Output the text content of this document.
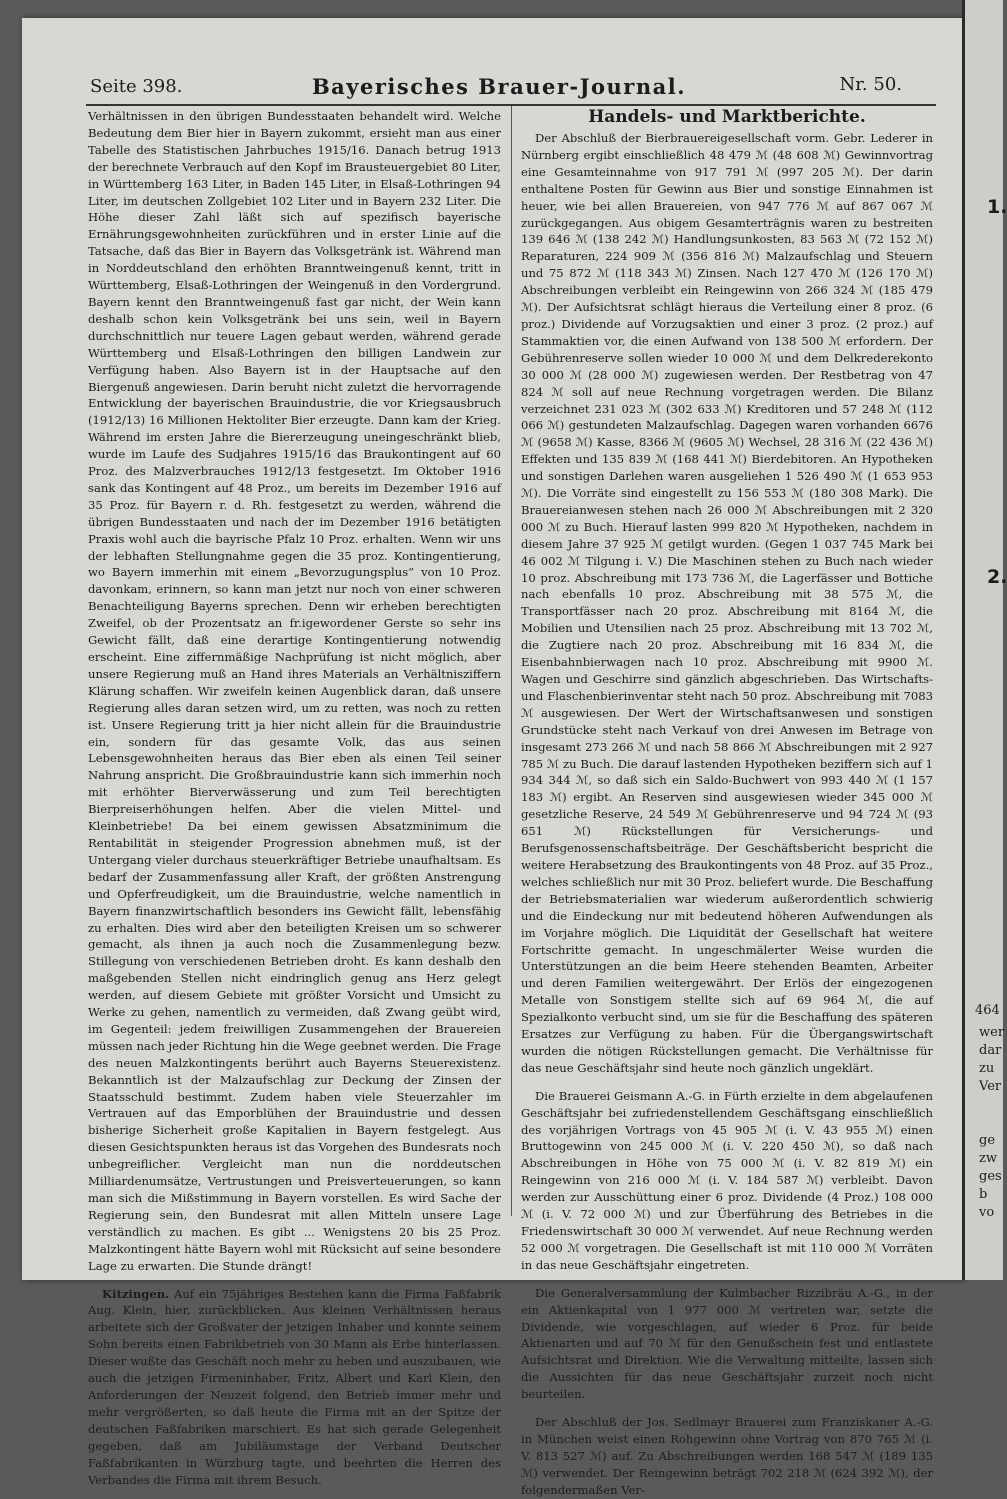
Seite 398.	Bayerisches Brauer-Journal.	Nr. 50.

Verhältnissen in den übrigen Bundesstaaten behandelt wird. Welche Bedeutung dem Bier hier in Bayern zukommt, ersieht man aus einer Tabelle des Statistischen Jahrbuches 1915/16. Danach betrug 1913 der berechnete Verbrauch auf den Kopf im Brausteuergebiet 80 Liter, in Württemberg 163 Liter, in Baden 145 Liter, in Elsaß-Lothringen 94 Liter, im deutschen Zollgebiet 102 Liter und in Bayern 232 Liter. Die Höhe dieser Zahl läßt sich auf spezifisch bayerische Ernährungsgewohnheiten zurückführen und in erster Linie auf die Tatsache, daß das Bier in Bayern das Volksgetränk ist. Während man in Norddeutschland den erhöhten Branntweingenuß kennt, tritt in Württemberg, Elsaß-Lothringen der Weingenuß in den Vordergrund. Bayern kennt den Branntweingenuß fast gar nicht, der Wein kann deshalb schon kein Volksgetränk bei uns sein, weil in Bayern durchschnittlich nur teuere Lagen gebaut werden, während gerade Württemberg und Elsaß-Lothringen den billigen Landwein zur Verfügung haben. Also Bayern ist in der Hauptsache auf den Biergenuß angewiesen. Darin beruht nicht zuletzt die hervorragende Entwicklung der bayerischen Brauindustrie, die vor Kriegsausbruch (1912/13) 16 Millionen Hektoliter Bier erzeugte. Dann kam der Krieg. Während im ersten Jahre die Biererzeugung uneingeschränkt blieb, wurde im Laufe des Sudjahres 1915/16 das Braukontingent auf 60 Proz. des Malzverbrauches 1912/13 festgesetzt. Im Oktober 1916 sank das Kontingent auf 48 Proz., um bereits im Dezember 1916 auf 35 Proz. für Bayern r. d. Rh. festgesetzt zu werden, während die übrigen Bundesstaaten und nach der im Dezember 1916 betätigten Praxis wohl auch die bayrische Pfalz 10 Proz. erhalten. Wenn wir uns der lebhaften Stellungnahme gegen die 35 proz. Kontingentierung, wo Bayern immerhin mit einem „Bevorzugungsplus“ von 10 Proz. davonkam, erinnern, so kann man jetzt nur noch von einer schweren Benachteiligung Bayerns sprechen. Denn wir erheben berechtigten Zweifel, ob der Prozentsatz an fr.igewordener Gerste so sehr ins Gewicht fällt, daß eine derartige Kontingentierung notwendig erscheint. Eine ziffernmäßige Nachprüfung ist nicht möglich, aber unsere Regierung muß an Hand ihres Materials an Verhältnisziffern Klärung schaffen. Wir zweifeln keinen Augenblick daran, daß unsere Regierung alles daran setzen wird, um zu retten, was noch zu retten ist. Unsere Regierung tritt ja hier nicht allein für die Brauindustrie ein, sondern für das gesamte Volk, das aus seinen Lebensgewohnheiten heraus das Bier eben als einen Teil seiner Nahrung anspricht. Die Großbrauindustrie kann sich immerhin noch mit erhöhter Bierverwässerung und zum Teil berechtigten Bierpreiserhöhungen helfen. Aber die vielen Mittel- und Kleinbetriebe! Da bei einem gewissen Absatzminimum die Rentabilität in steigender Progression abnehmen muß, ist der Untergang vieler durchaus steuerkräftiger Betriebe unaufhaltsam. Es bedarf der Zusammenfassung aller Kraft, der größten Anstrengung und Opferfreudigkeit, um die Brauindustrie, welche namentlich in Bayern finanzwirtschaftlich besonders ins Gewicht fällt, lebensfähig zu erhalten. Dies wird aber den beteiligten Kreisen um so schwerer gemacht, als ihnen ja auch noch die Zusammenlegung bezw. Stillegung von verschiedenen Betrieben droht. Es kann deshalb den maßgebenden Stellen nicht eindringlich genug ans Herz gelegt werden, auf diesem Gebiete mit größter Vorsicht und Umsicht zu Werke zu gehen, namentlich zu vermeiden, daß Zwang geübt wird, im Gegenteil: jedem freiwilligen Zusammengehen der Brauereien müssen nach jeder Richtung hin die Wege geebnet werden. Die Frage des neuen Malzkontingents berührt auch Bayerns Steuerexistenz. Bekanntlich ist der Malzaufschlag zur Deckung der Zinsen der Staatsschuld bestimmt. Zudem haben viele Steuerzahler im Vertrauen auf das Emporblühen der Brauindustrie und dessen bisherige Sicherheit große Kapitalien in Bayern festgelegt. Aus diesen Gesichtspunkten heraus ist das Vorgehen des Bundesrats noch unbegreiflicher. Vergleicht man nun die norddeutschen Milliardenumsätze, Vertrustungen und Preisverteuerungen, so kann man sich die Mißstimmung in Bayern vorstellen. Es wird Sache der Regierung sein, den Bundesrat mit allen Mitteln unsere Lage verständlich zu machen. Es gibt ... Wenigstens 20 bis 25 Proz. Malzkontingent hätte Bayern wohl mit Rücksicht auf seine besondere Lage zu erwarten. Die Stunde drängt!

Kitzingen. Auf ein 75jähriges Bestehen kann die Firma Faßfabrik Aug. Klein, hier, zurückblicken. Aus kleinen Verhältnissen heraus arbeitete sich der Großvater der jetzigen Inhaber und konnte seinem Sohn bereits einen Fabrikbetrieb von 30 Mann als Erbe hinterlassen. Dieser wußte das Geschäft noch mehr zu heben und auszubauen, wie auch die jetzigen Firmeninhaber, Fritz, Albert und Karl Klein, den Anforderungen der Neuzeit folgend, den Betrieb immer mehr und mehr vergrößerten, so daß heute die Firma mit an der Spitze der deutschen Faßfabriken marschiert. Es hat sich gerade Gelegenheit gegeben, daß am Jubiläumstage der Verband Deutscher Faßfabrikanten in Würzburg tagte, und beehrten die Herren des Verbandes die Firma mit ihrem Besuch.

Handels- und Marktberichte.

Der Abschluß der Bierbrauereigesellschaft vorm. Gebr. Lederer in Nürnberg ergibt einschließlich 48 479 ℳ (48 608 ℳ) Gewinnvortrag eine Gesamteinnahme von 917 791 ℳ (997 205 ℳ). Der darin enthaltene Posten für Gewinn aus Bier und sonstige Einnahmen ist heuer, wie bei allen Brauereien, von 947 776 ℳ auf 867 067 ℳ zurückgegangen. Aus obigem Gesamterträgnis waren zu bestreiten 139 646 ℳ (138 242 ℳ) Handlungsunkosten, 83 563 ℳ (72 152 ℳ) Reparaturen, 224 909 ℳ (356 816 ℳ) Malzaufschlag und Steuern und 75 872 ℳ (118 343 ℳ) Zinsen. Nach 127 470 ℳ (126 170 ℳ) Abschreibungen verbleibt ein Reingewinn von 266 324 ℳ (185 479 ℳ). Der Aufsichtsrat schlägt hieraus die Verteilung einer 8 proz. (6 proz.) Dividende auf Vorzugsaktien und einer 3 proz. (2 proz.) auf Stammaktien vor, die einen Aufwand von 138 500 ℳ erfordern. Der Gebührenreserve sollen wieder 10 000 ℳ und dem Delkrederekonto 30 000 ℳ (28 000 ℳ) zugewiesen werden. Der Restbetrag von 47 824 ℳ soll auf neue Rechnung vorgetragen werden. Die Bilanz verzeichnet 231 023 ℳ (302 633 ℳ) Kreditoren und 57 248 ℳ (112 066 ℳ) gestundeten Malzaufschlag. Dagegen waren vorhanden 6676 ℳ (9658 ℳ) Kasse, 8366 ℳ (9605 ℳ) Wechsel, 28 316 ℳ (22 436 ℳ) Effekten und 135 839 ℳ (168 441 ℳ) Bierdebitoren. An Hypotheken und sonstigen Darlehen waren ausgeliehen 1 526 490 ℳ (1 653 953 ℳ). Die Vorräte sind eingestellt zu 156 553 ℳ (180 308 Mark). Die Brauereianwesen stehen nach 26 000 ℳ Abschreibungen mit 2 320 000 ℳ zu Buch. Hierauf lasten 999 820 ℳ Hypotheken, nachdem in diesem Jahre 37 925 ℳ getilgt wurden. (Gegen 1 037 745 Mark bei 46 002 ℳ Tilgung i. V.) Die Maschinen stehen zu Buch nach wieder 10 proz. Abschreibung mit 173 736 ℳ, die Lagerfässer und Bottiche nach ebenfalls 10 proz. Abschreibung mit 38 575 ℳ, die Transportfässer nach 20 proz. Abschreibung mit 8164 ℳ, die Mobilien und Utensilien nach 25 proz. Abschreibung mit 13 702 ℳ, die Zugtiere nach 20 proz. Abschreibung mit 16 834 ℳ, die Eisenbahnbierwagen nach 10 proz. Abschreibung mit 9900 ℳ. Wagen und Geschirre sind gänzlich abgeschrieben. Das Wirtschafts- und Flaschenbierinventar steht nach 50 proz. Abschreibung mit 7083 ℳ ausgewiesen. Der Wert der Wirtschaftsanwesen und sonstigen Grundstücke steht nach Verkauf von drei Anwesen im Betrage von insgesamt 273 266 ℳ und nach 58 866 ℳ Abschreibungen mit 2 927 785 ℳ zu Buch. Die darauf lastenden Hypotheken beziffern sich auf 1 934 344 ℳ, so daß sich ein Saldo-Buchwert von 993 440 ℳ (1 157 183 ℳ) ergibt. An Reserven sind ausgewiesen wieder 345 000 ℳ gesetzliche Reserve, 24 549 ℳ Gebührenreserve und 94 724 ℳ (93 651 ℳ) Rückstellungen für Versicherungs- und Berufsgenossenschaftsbeiträge. Der Geschäftsbericht bespricht die weitere Herabsetzung des Braukontingents von 48 Proz. auf 35 Proz., welches schließlich nur mit 30 Proz. beliefert wurde. Die Beschaffung der Betriebsmaterialien war wiederum außerordentlich schwierig und die Eindeckung nur mit bedeutend höheren Aufwendungen als im Vorjahre möglich. Die Liquidität der Gesellschaft hat weitere Fortschritte gemacht. In ungeschmälerter Weise wurden die Unterstützungen an die beim Heere stehenden Beamten, Arbeiter und deren Familien weitergewährt. Der Erlös der eingezogenen Metalle von Sonstigem stellte sich auf 69 964 ℳ, die auf Spezialkonto verbucht sind, um sie für die Beschaffung des späteren Ersatzes zur Verfügung zu haben. Für die Übergangswirtschaft wurden die nötigen Rückstellungen gemacht. Die Verhältnisse für das neue Geschäftsjahr sind heute noch gänzlich ungeklärt.

Die Brauerei Geismann A.-G. in Fürth erzielte in dem abgelaufenen Geschäftsjahr bei zufriedenstellendem Geschäftsgang einschließlich des vorjährigen Vortrags von 45 905 ℳ (i. V. 43 955 ℳ) einen Bruttogewinn von 245 000 ℳ (i. V. 220 450 ℳ), so daß nach Abschreibungen in Höhe von 75 000 ℳ (i. V. 82 819 ℳ) ein Reingewinn von 216 000 ℳ (i. V. 184 587 ℳ) verbleibt. Davon werden zur Ausschüttung einer 6 proz. Dividende (4 Proz.) 108 000 ℳ (i. V. 72 000 ℳ) und zur Überführung des Betriebes in die Friedenswirtschaft 30 000 ℳ verwendet. Auf neue Rechnung werden 52 000 ℳ vorgetragen. Die Gesellschaft ist mit 110 000 ℳ Vorräten in das neue Geschäftsjahr eingetreten.

Die Generalversammlung der Kulmbacher Rizzibräu A.-G., in der ein Aktienkapital von 1 977 000 ℳ vertreten war, setzte die Dividende, wie vorgeschlagen, auf wieder 6 Proz. für beide Aktienarten und auf 70 ℳ für den Genußschein fest und entlastete Aufsichtsrat und Direktion. Wie die Verwaltung mitteilte, lassen sich die Aussichten für das neue Geschäftsjahr zurzeit noch nicht beurteilen.

Der Abschluß der Jos. Sedlmayr Brauerei zum Franziskaner A.-G. in München weist einen Rohgewinn ohne Vortrag von 870 765 ℳ (i. V. 813 527 ℳ) auf. Zu Abschreibungen werden 168 547 ℳ (189 135 ℳ) verwendet. Der Reingewinn beträgt 702 218 ℳ (624 392 ℳ), der folgendermaßen Ver-

1.
2.
464
wer
dar
zu
Ver
ge
zw
ges
b
vo
